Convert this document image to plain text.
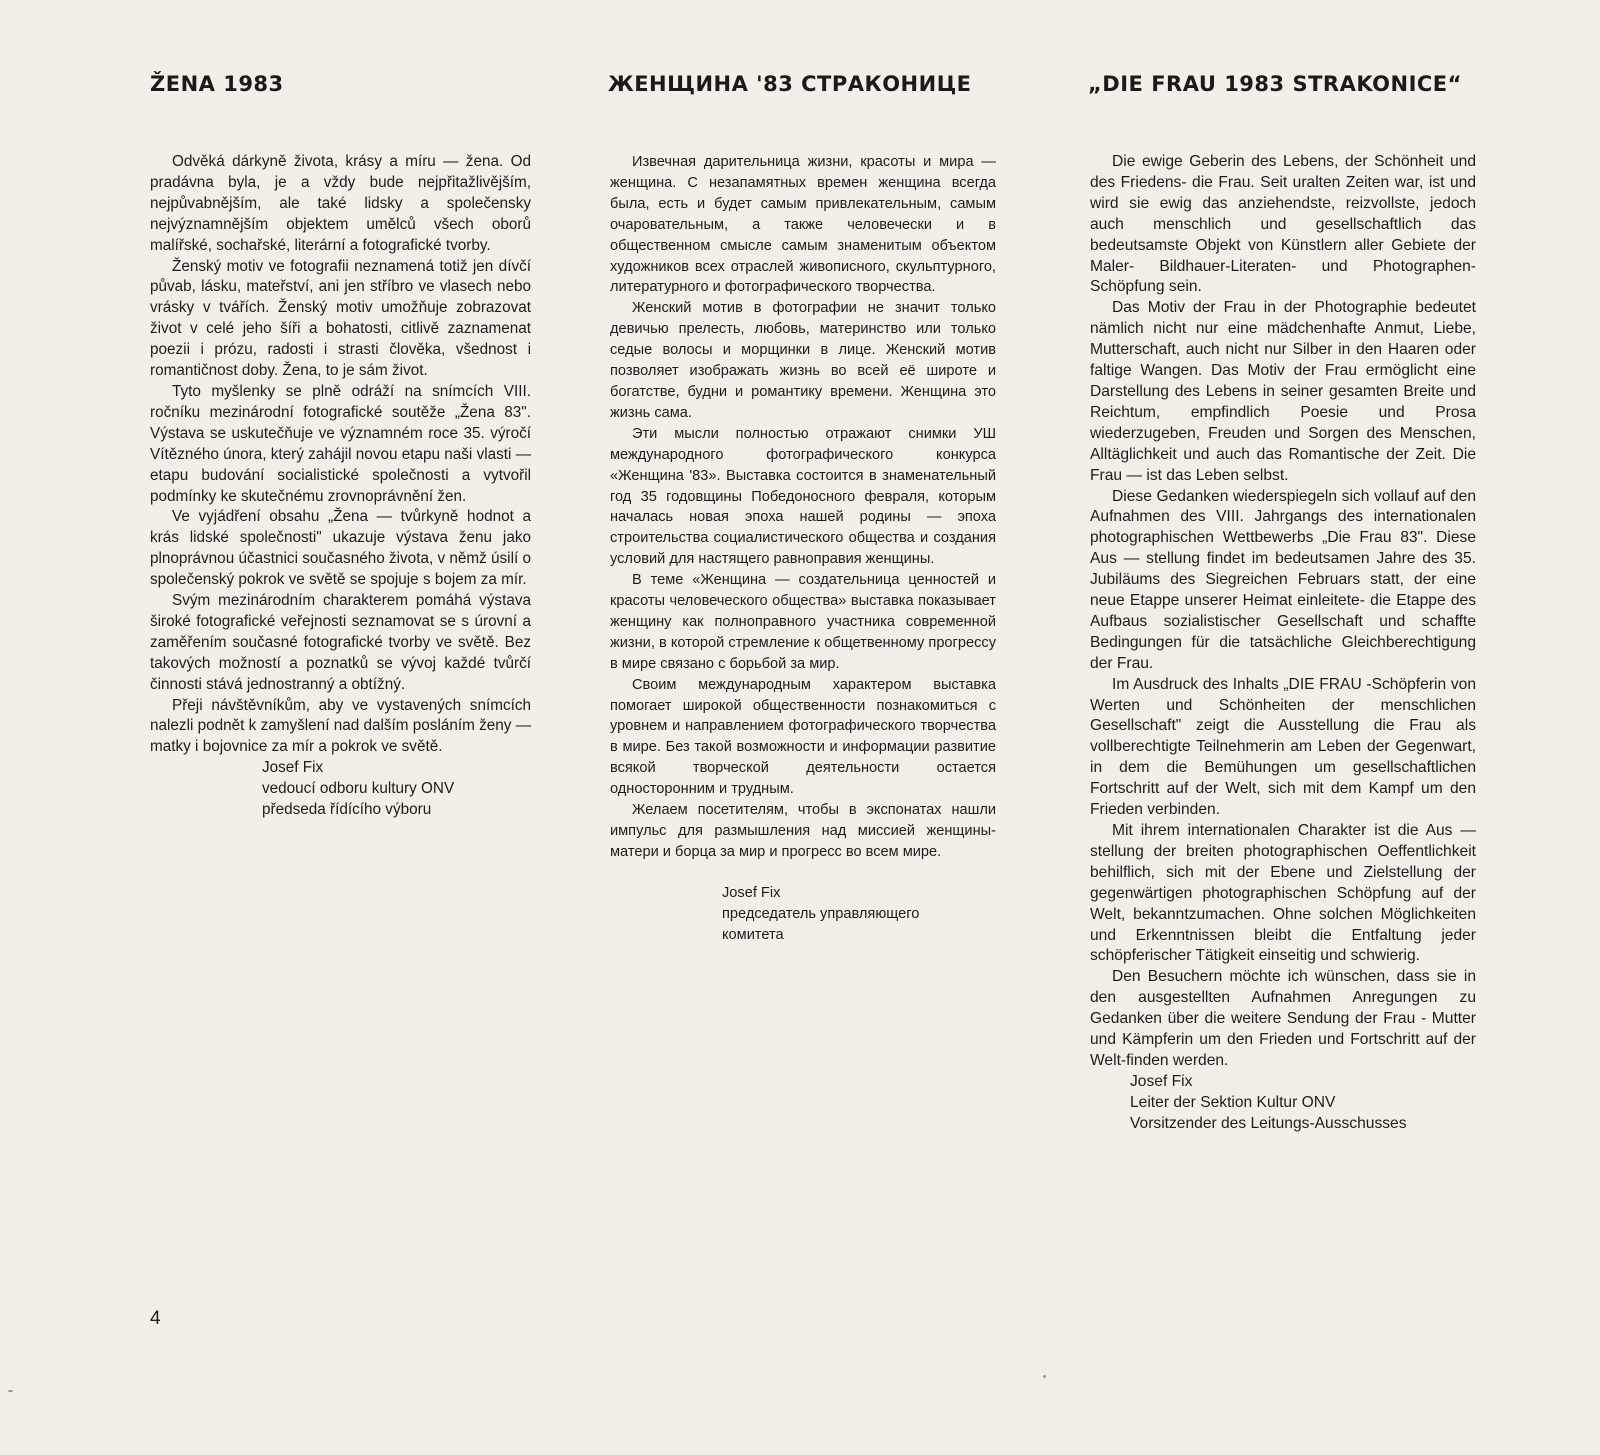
ŽENA 1983	ЖЕНЩИНА '83 СТРАКОНИЦЕ	„DIE FRAU 1983 STRAKONICE“

Odvěká dárkyně života, krásy a míru — žena. Od pradávna byla, je a vždy bude nejpřitažlivějším, nejpůvabnějším, ale také lidsky a společensky nejvýznamnějším objektem umělců všech oborů malířské, sochařské, literární a fotografické tvorby.

Ženský motiv ve fotografii neznamená totiž jen dívčí půvab, lásku, mateřství, ani jen stříbro ve vlasech nebo vrásky v tvářích. Ženský motiv umožňuje zobrazovat život v celé jeho šíři a bohatosti, citlivě zaznamenat poezii i prózu, radosti i strasti člověka, všednost i romantičnost doby. Žena, to je sám život.

Tyto myšlenky se plně odráží na snímcích VIII. ročníku mezinárodní fotografické soutěže „Žena 83". Výstava se uskutečňuje ve významném roce 35. výročí Vítězného února, který zahájil novou etapu naši vlasti — etapu budování socialistické společnosti a vytvořil podmínky ke skutečnému zrovnoprávnění žen.

Ve vyjádření obsahu „Žena — tvůrkyně hodnot a krás lidské společnosti" ukazuje výstava ženu jako plnoprávnou účastnici současného života, v němž úsilí o společenský pokrok ve světě se spojuje s bojem za mír.

Svým mezinárodním charakterem pomáhá výstava široké fotografické veřejnosti seznamovat se s úrovní a zaměřením současné fotografické tvorby ve světě. Bez takových možností a poznatků se vývoj každé tvůrčí činnosti stává jednostranný a obtížný.

Přeji návštěvníkům, aby ve vystavených snímcích nalezli podnět k zamyšlení nad dalším posláním ženy — matky i bojovnice za mír a pokrok ve světě.

Josef Fix
vedoucí odboru kultury ONV
předseda řídícího výboru

Извечная дарительница жизни, красоты и мира — женщина. С незапамятных времен женщина всегда была, есть и будет самым привлекательным, самым очаровательным, а также человечески и в общественном смысле самым знаменитым объектом художников всех отраслей живописного, скульптурного, литературного и фотографического творчества.

Женский мотив в фотографии не значит только девичью прелесть, любовь, материнство или только седые волосы и морщинки в лице. Женский мотив позволяет изображать жизнь во всей её широте и богатстве, будни и романтику времени. Женщина это жизнь сама.

Эти мысли полностью отражают снимки УШ международного фотографического конкурса «Женщина '83». Выставка состоится в знаменательный год 35 годовщины Победоносного февраля, которым началась новая эпоха нашей родины — эпоха строительства социалистического общества и создания условий для настящего равноправия женщины.

В теме «Женщина — создательница ценностей и красоты человеческого общества» выставка показывает женщину как полноправного участника современной жизни, в которой стремление к общетвенному прогрессу в мире связано с борьбой за мир.

Своим международным характером выставка помогает широкой общественности познакомиться с уровнем и направлением фотографического творчества в мире. Без такой возможности и информации развитие всякой творческой деятельности остается односторонним и трудным.

Желаем посетителям, чтобы в экспонатах нашли импульс для размышления над миссией женщины-матери и борца за мир и прогресс во всем мире.

Josef Fix
председатель управляющего
комитета

Die ewige Geberin des Lebens, der Schönheit und des Friedens- die Frau. Seit uralten Zeiten war, ist und wird sie ewig das anziehendste, reizvollste, jedoch auch menschlich und gesellschaftlich das bedeutsamste Objekt von Künstlern aller Gebiete der Maler- Bildhauer-Literaten- und Photographen-Schöpfung sein.

Das Motiv der Frau in der Photographie bedeutet nämlich nicht nur eine mädchenhafte Anmut, Liebe, Mutterschaft, auch nicht nur Silber in den Haaren oder faltige Wangen. Das Motiv der Frau ermöglicht eine Darstellung des Lebens in seiner gesamten Breite und Reichtum, empfindlich Poesie und Prosa wiederzugeben, Freuden und Sorgen des Menschen, Alltäglichkeit und auch das Romantische der Zeit. Die Frau — ist das Leben selbst.

Diese Gedanken wiederspiegeln sich vollauf auf den Aufnahmen des VIII. Jahrgangs des internationalen photographischen Wettbewerbs „Die Frau 83". Diese Aus — stellung findet im bedeutsamen Jahre des 35. Jubiläums des Siegreichen Februars statt, der eine neue Etappe unserer Heimat einleitete- die Etappe des Aufbaus sozialistischer Gesellschaft und schaffte Bedingungen für die tatsächliche Gleichberechtigung der Frau.

Im Ausdruck des Inhalts „DIE FRAU -Schöpferin von Werten und Schönheiten der menschlichen Gesellschaft" zeigt die Ausstellung die Frau als vollberechtigte Teilnehmerin am Leben der Gegenwart, in dem die Bemühungen um gesellschaftlichen Fortschritt auf der Welt, sich mit dem Kampf um den Frieden verbinden.

Mit ihrem internationalen Charakter ist die Aus — stellung der breiten photographischen Oeffentlichkeit behilflich, sich mit der Ebene und Zielstellung der gegenwärtigen photographischen Schöpfung auf der Welt, bekanntzumachen. Ohne solchen Möglichkeiten und Erkenntnissen bleibt die Entfaltung jeder schöpferischer Tätigkeit einseitig und schwierig.

Den Besuchern möchte ich wünschen, dass sie in den ausgestellten Aufnahmen Anregungen zu Gedanken über die weitere Sendung der Frau - Mutter und Kämpferin um den Frieden und Fortschritt auf der Welt-finden werden.

Josef Fix
Leiter der Sektion Kultur ONV
Vorsitzender des Leitungs-Ausschusses

4
